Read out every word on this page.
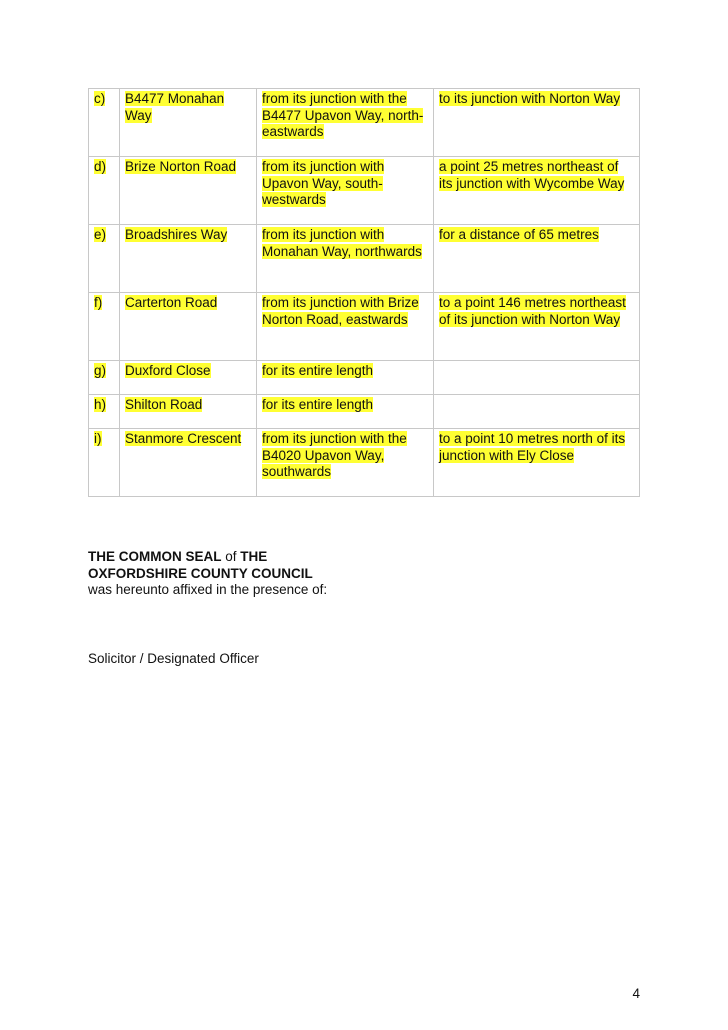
c)	B4477 Monahan Way	from its junction with the B4477 Upavon Way, north-eastwards	to its junction with Norton Way
d)	Brize Norton Road	from its junction with Upavon Way, south-westwards	a point 25 metres northeast of its junction with Wycombe Way
e)	Broadshires Way	from its junction with Monahan Way, northwards	for a distance of 65 metres
f)	Carterton Road	from its junction with Brize Norton Road, eastwards	to a point 146 metres northeast of its junction with Norton Way
g)	Duxford Close	for its entire length	
h)	Shilton Road	for its entire length	
i)	Stanmore Crescent	from its junction with the B4020 Upavon Way, southwards	to a point 10 metres north of its junction with Ely Close
THE COMMON SEAL of THE
OXFORDSHIRE COUNTY COUNCIL
was hereunto affixed in the presence of:
Solicitor / Designated Officer
4
